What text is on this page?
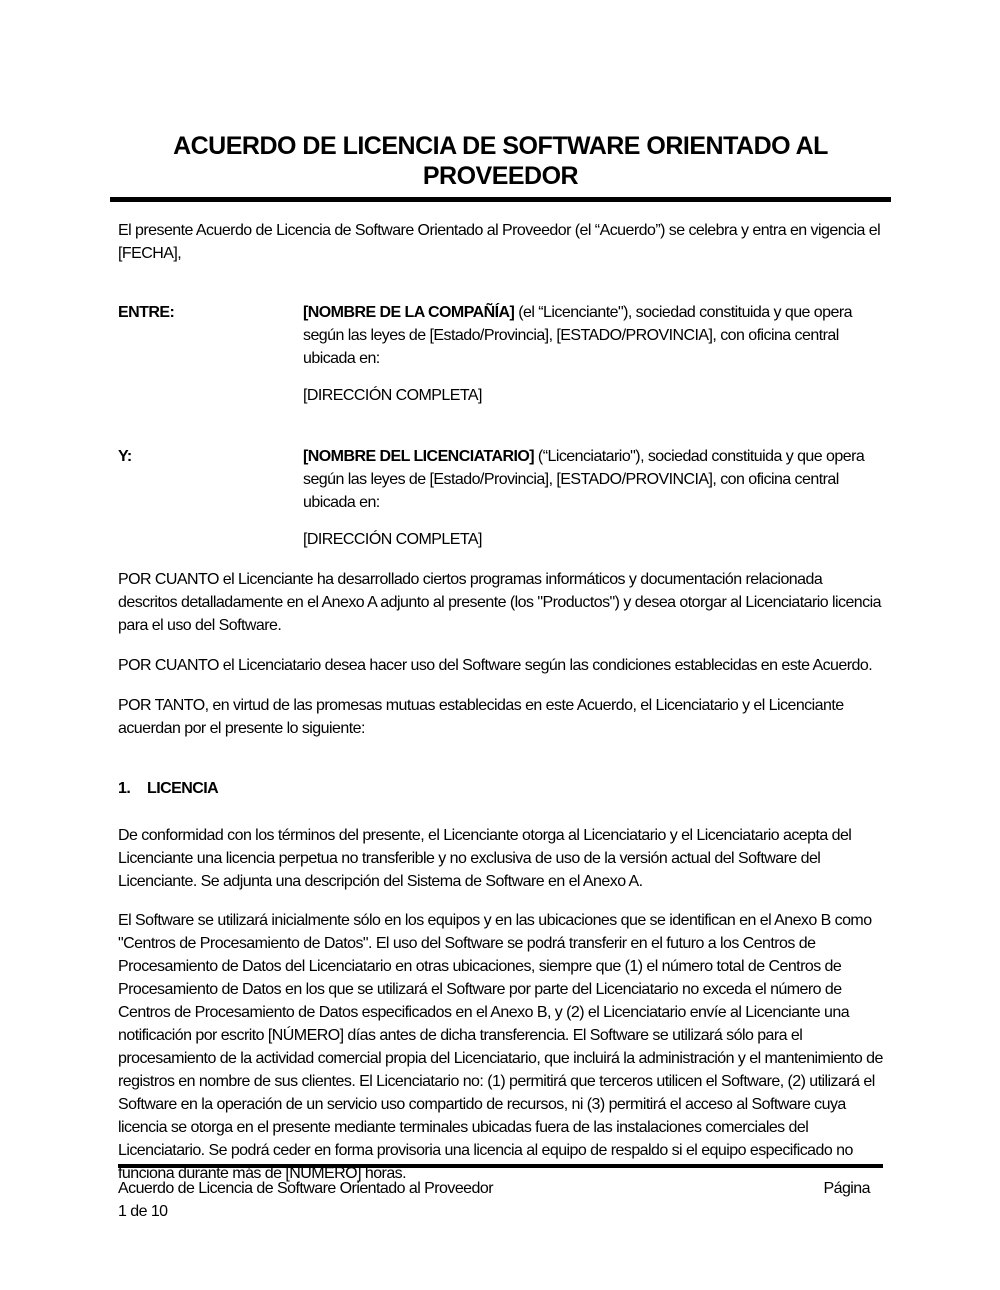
ACUERDO DE LICENCIA DE SOFTWARE ORIENTADO AL PROVEEDOR

El presente Acuerdo de Licencia de Software Orientado al Proveedor (el “Acuerdo”) se celebra y entra en vigencia el [FECHA],

ENTRE:	[NOMBRE DE LA COMPAÑÍA] (el “Licenciante"), sociedad constituida y que opera según las leyes de [Estado/Provincia], [ESTADO/PROVINCIA], con oficina central ubicada en:

[DIRECCIÓN COMPLETA]

Y:	[NOMBRE DEL LICENCIATARIO] (“Licenciatario"), sociedad constituida y que opera según las leyes de [Estado/Provincia], [ESTADO/PROVINCIA], con oficina central ubicada en:

[DIRECCIÓN COMPLETA]

POR CUANTO el Licenciante ha desarrollado ciertos programas informáticos y documentación relacionada descritos detalladamente en el Anexo A adjunto al presente (los "Productos") y desea otorgar al Licenciatario licencia para el uso del Software.

POR CUANTO el Licenciatario desea hacer uso del Software según las condiciones establecidas en este Acuerdo.

POR TANTO, en virtud de las promesas mutuas establecidas en este Acuerdo, el Licenciatario y el Licenciante acuerdan por el presente lo siguiente:

1. LICENCIA

De conformidad con los términos del presente, el Licenciante otorga al Licenciatario y el Licenciatario acepta del Licenciante una licencia perpetua no transferible y no exclusiva de uso de la versión actual del Software del Licenciante. Se adjunta una descripción del Sistema de Software en el Anexo A.

El Software se utilizará inicialmente sólo en los equipos y en las ubicaciones que se identifican en el Anexo B como "Centros de Procesamiento de Datos". El uso del Software se podrá transferir en el futuro a los Centros de Procesamiento de Datos del Licenciatario en otras ubicaciones, siempre que (1) el número total de Centros de Procesamiento de Datos en los que se utilizará el Software por parte del Licenciatario no exceda el número de Centros de Procesamiento de Datos especificados en el Anexo B, y (2) el Licenciatario envíe al Licenciante una notificación por escrito [NÚMERO] días antes de dicha transferencia. El Software se utilizará sólo para el procesamiento de la actividad comercial propia del Licenciatario, que incluirá la administración y el mantenimiento de registros en nombre de sus clientes. El Licenciatario no: (1) permitirá que terceros utilicen el Software, (2) utilizará el Software en la operación de un servicio uso compartido de recursos, ni (3) permitirá el acceso al Software cuya licencia se otorga en el presente mediante terminales ubicadas fuera de las instalaciones comerciales del Licenciatario. Se podrá ceder en forma provisoria una licencia al equipo de respaldo si el equipo especificado no funciona durante más de [NÚMERO] horas.

Acuerdo de Licencia de Software Orientado al Proveedor	Página
1 de 10
